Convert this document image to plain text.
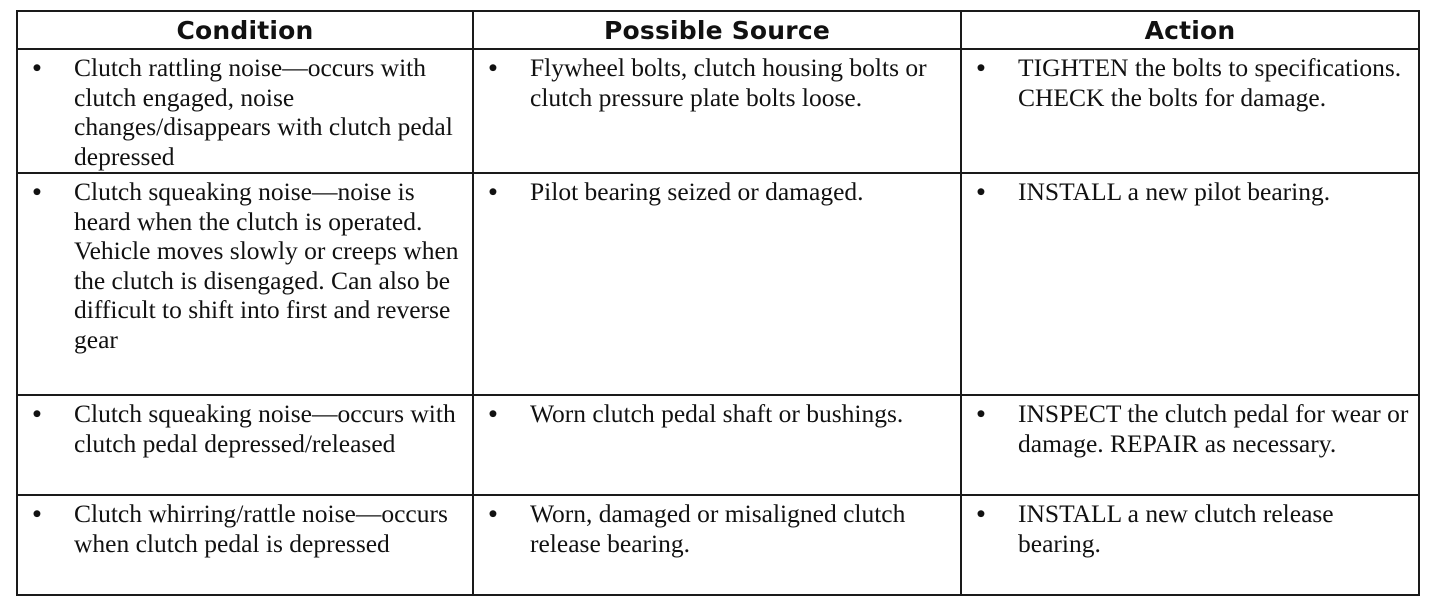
Condition	Possible Source	Action

• Clutch rattling noise—occurs with clutch engaged, noise changes/disappears with clutch pedal depressed	• Flywheel bolts, clutch housing bolts or clutch pressure plate bolts loose.	• TIGHTEN the bolts to specifications. CHECK the bolts for damage.

• Clutch squeaking noise—noise is heard when the clutch is operated. Vehicle moves slowly or creeps when the clutch is disengaged. Can also be difficult to shift into first and reverse gear	• Pilot bearing seized or damaged.	• INSTALL a new pilot bearing.

• Clutch squeaking noise—occurs with clutch pedal depressed/released	• Worn clutch pedal shaft or bushings.	• INSPECT the clutch pedal for wear or damage. REPAIR as necessary.

• Clutch whirring/rattle noise—occurs when clutch pedal is depressed	• Worn, damaged or misaligned clutch release bearing.	• INSTALL a new clutch release bearing.
